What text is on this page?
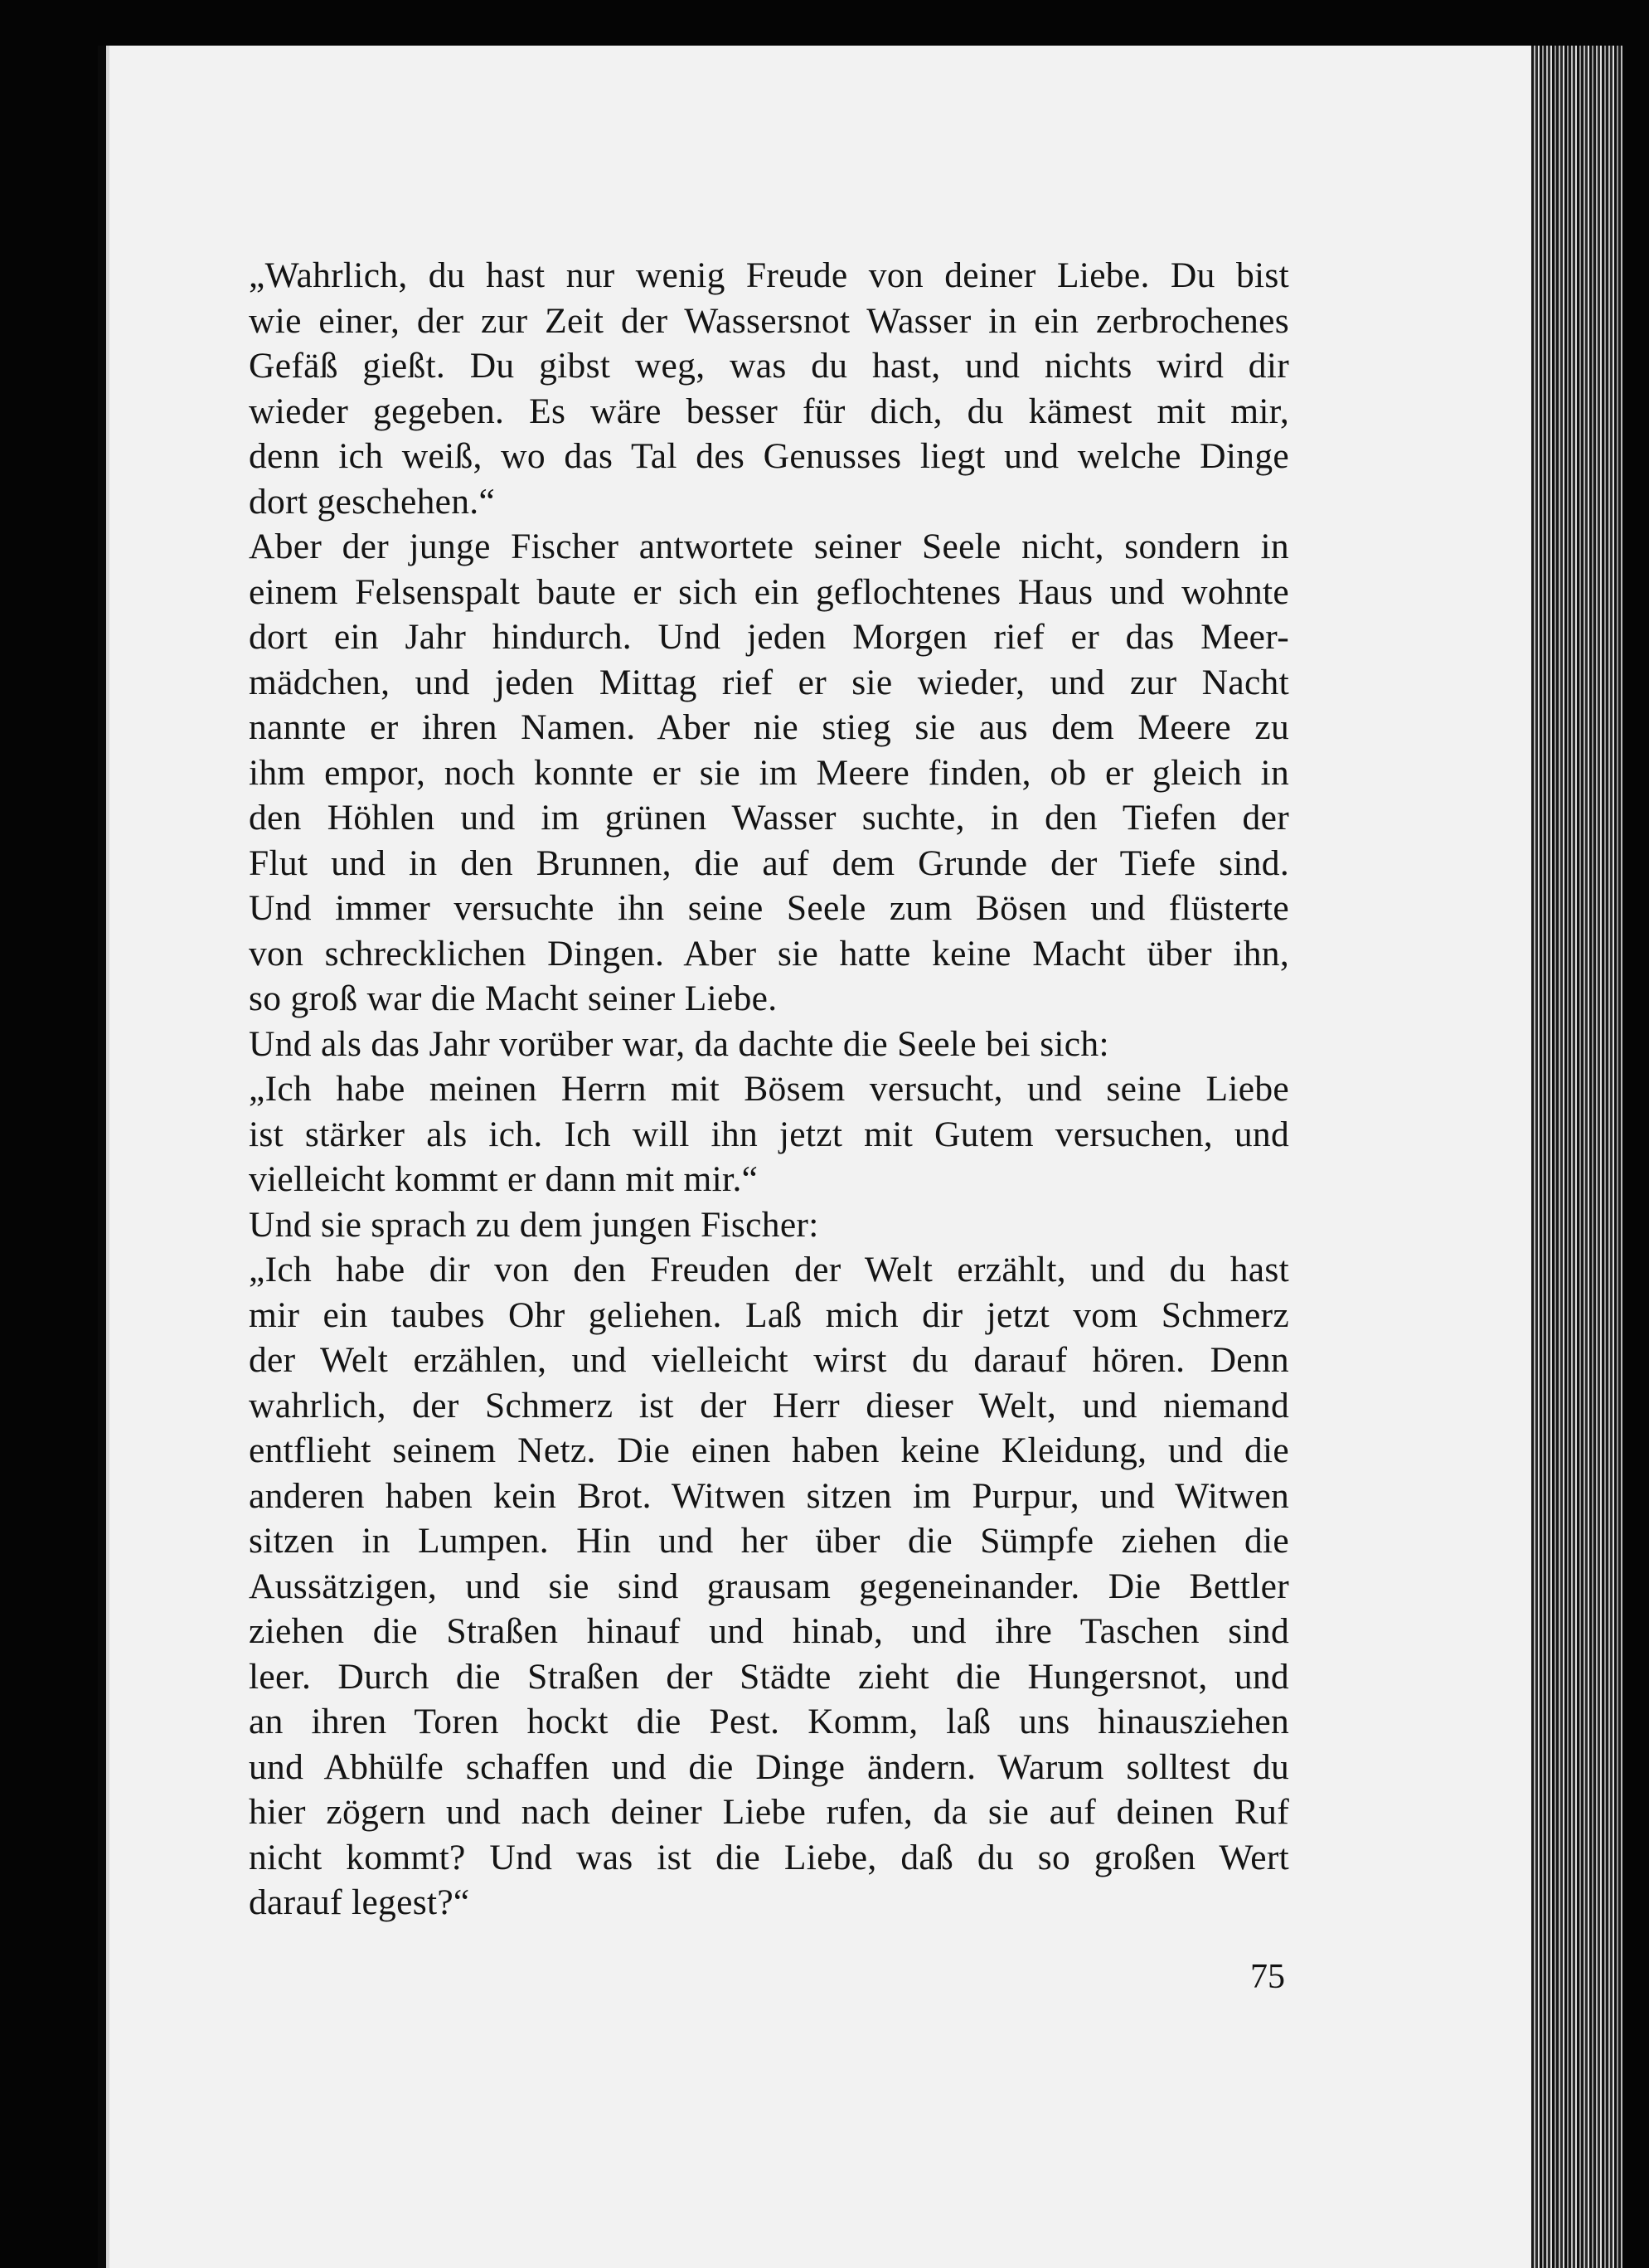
„Wahrlich, du hast nur wenig Freude von deiner Liebe. Du bist
wie einer, der zur Zeit der Wassersnot Wasser in ein zerbrochenes
Gefäß gießt. Du gibst weg, was du hast, und nichts wird dir
wieder gegeben. Es wäre besser für dich, du kämest mit mir,
denn ich weiß, wo das Tal des Genusses liegt und welche Dinge
dort geschehen.“
Aber der junge Fischer antwortete seiner Seele nicht, sondern in
einem Felsenspalt baute er sich ein geflochtenes Haus und wohnte
dort ein Jahr hindurch. Und jeden Morgen rief er das Meer-
mädchen, und jeden Mittag rief er sie wieder, und zur Nacht
nannte er ihren Namen. Aber nie stieg sie aus dem Meere zu
ihm empor, noch konnte er sie im Meere finden, ob er gleich in
den Höhlen und im grünen Wasser suchte, in den Tiefen der
Flut und in den Brunnen, die auf dem Grunde der Tiefe sind.
Und immer versuchte ihn seine Seele zum Bösen und flüsterte
von schrecklichen Dingen. Aber sie hatte keine Macht über ihn,
so groß war die Macht seiner Liebe.
Und als das Jahr vorüber war, da dachte die Seele bei sich:
„Ich habe meinen Herrn mit Bösem versucht, und seine Liebe
ist stärker als ich. Ich will ihn jetzt mit Gutem versuchen, und
vielleicht kommt er dann mit mir.“
Und sie sprach zu dem jungen Fischer:
„Ich habe dir von den Freuden der Welt erzählt, und du hast
mir ein taubes Ohr geliehen. Laß mich dir jetzt vom Schmerz
der Welt erzählen, und vielleicht wirst du darauf hören. Denn
wahrlich, der Schmerz ist der Herr dieser Welt, und niemand
entflieht seinem Netz. Die einen haben keine Kleidung, und die
anderen haben kein Brot. Witwen sitzen im Purpur, und Witwen
sitzen in Lumpen. Hin und her über die Sümpfe ziehen die
Aussätzigen, und sie sind grausam gegeneinander. Die Bettler
ziehen die Straßen hinauf und hinab, und ihre Taschen sind
leer. Durch die Straßen der Städte zieht die Hungersnot, und
an ihren Toren hockt die Pest. Komm, laß uns hinausziehen
und Abhülfe schaffen und die Dinge ändern. Warum solltest du
hier zögern und nach deiner Liebe rufen, da sie auf deinen Ruf
nicht kommt? Und was ist die Liebe, daß du so großen Wert
darauf legest?“
75
